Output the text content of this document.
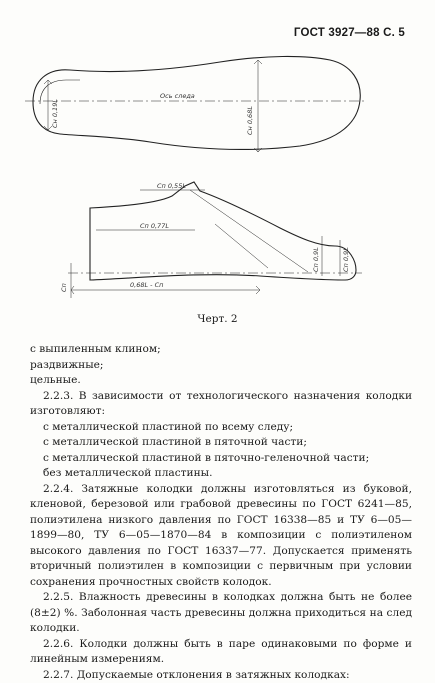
ГОСТ 3927—88 С. 5
Ось следа
Сн 0,19L	Сн 0,68L
Сп 0,55L
Сп 0,77L
Сп 0,9L	Сп 0,9L
0,68L - Сп
Сп
Черт. 2

с выпиленным клином;

раздвижные;

цельные.

2.2.3. В зависимости от технологического назначения колодки изготовляют:

с металлической пластиной по всему следу;

с металлической пластиной в пяточной части;

с металлической пластиной в пяточно-геленочной части;

без металлической пластины.

2.2.4. Затяжные колодки должны изготовляться из буковой, кленовой, березовой или грабовой древесины по ГОСТ 6241—85, полиэтилена низкого давления по ГОСТ 16338—85 и ТУ 6—05—1899—80, ТУ 6—05—1870—84 в композиции с полиэтиленом высокого давления по ГОСТ 16337—77. Допускается применять вторичный полиэтилен в композиции с первичным при условии сохранения прочностных свойств колодок.

2.2.5. Влажность древесины в колодках должна быть не более (8±2) %. Заболонная часть древесины должна приходиться на след колодки.

2.2.6. Колодки должны быть в паре одинаковыми по форме и линейным измерениям.

2.2.7. Допускаемые отклонения в затяжных колодках:
